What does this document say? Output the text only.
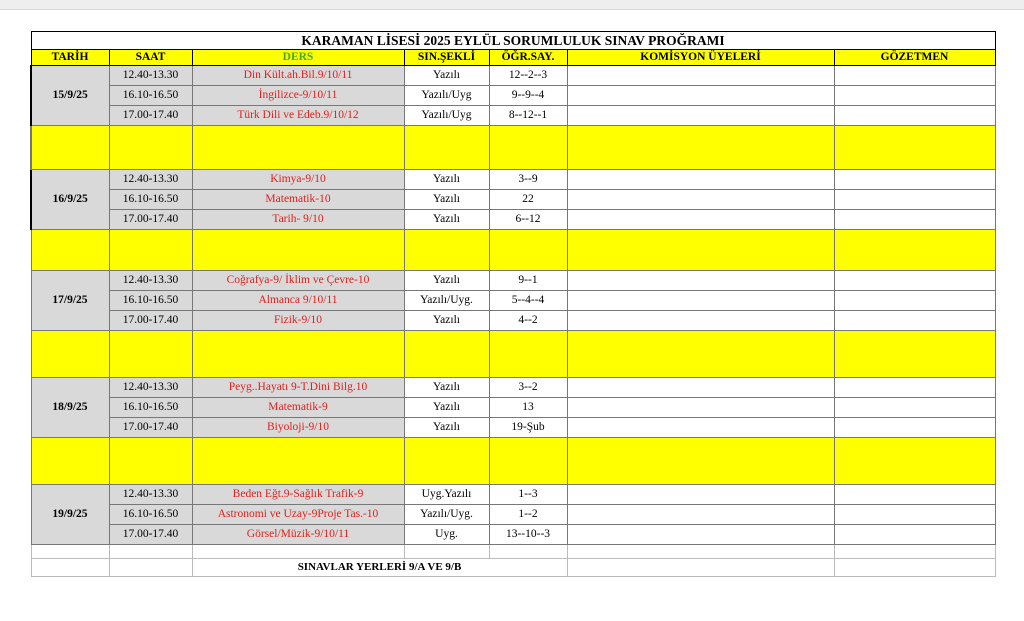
KARAMAN LİSESİ 2025 EYLÜL SORUMLULUK SINAV PROĞRAMI						
TARİH	SAAT	DERS	SIN.ŞEKLİ	ÖĞR.SAY.	KOMİSYON ÜYELERİ	GÖZETMEN
15/9/25	12.40-13.30	Din Kült.ah.Bil.9/10/11	Yazılı	12--2--3		
	16.10-16.50	İngilizce-9/10/11	Yazılı/Uyg	9--9--4		
	17.00-17.40	Türk Dili ve Edeb.9/10/12	Yazılı/Uyg	8--12--1		

16/9/25	12.40-13.30	Kimya-9/10	Yazılı	3--9		
	16.10-16.50	Matematik-10	Yazılı	22		
	17.00-17.40	Tarih- 9/10	Yazılı	6--12		

17/9/25	12.40-13.30	Coğrafya-9/ İklim ve Çevre-10	Yazılı	9--1		
	16.10-16.50	Almanca 9/10/11	Yazılı/Uyg.	5--4--4		
	17.00-17.40	Fizik-9/10	Yazılı	4--2		

18/9/25	12.40-13.30	Peyg..Hayatı 9-T.Dini Bilg.10	Yazılı	3--2		
	16.10-16.50	Matematik-9	Yazılı	13		
	17.00-17.40	Biyoloji-9/10	Yazılı	19-Şub		

19/9/25	12.40-13.30	Beden Eğt.9-Sağlık Trafik-9	Uyg.Yazılı	1--3		
	16.10-16.50	Astronomi ve Uzay-9Proje Tas.-10	Yazılı/Uyg.	1--2		
	17.00-17.40	Görsel/Müzik-9/10/11	Uyg.	13--10--3		

		SINAVLAR YERLERİ 9/A VE 9/B				
